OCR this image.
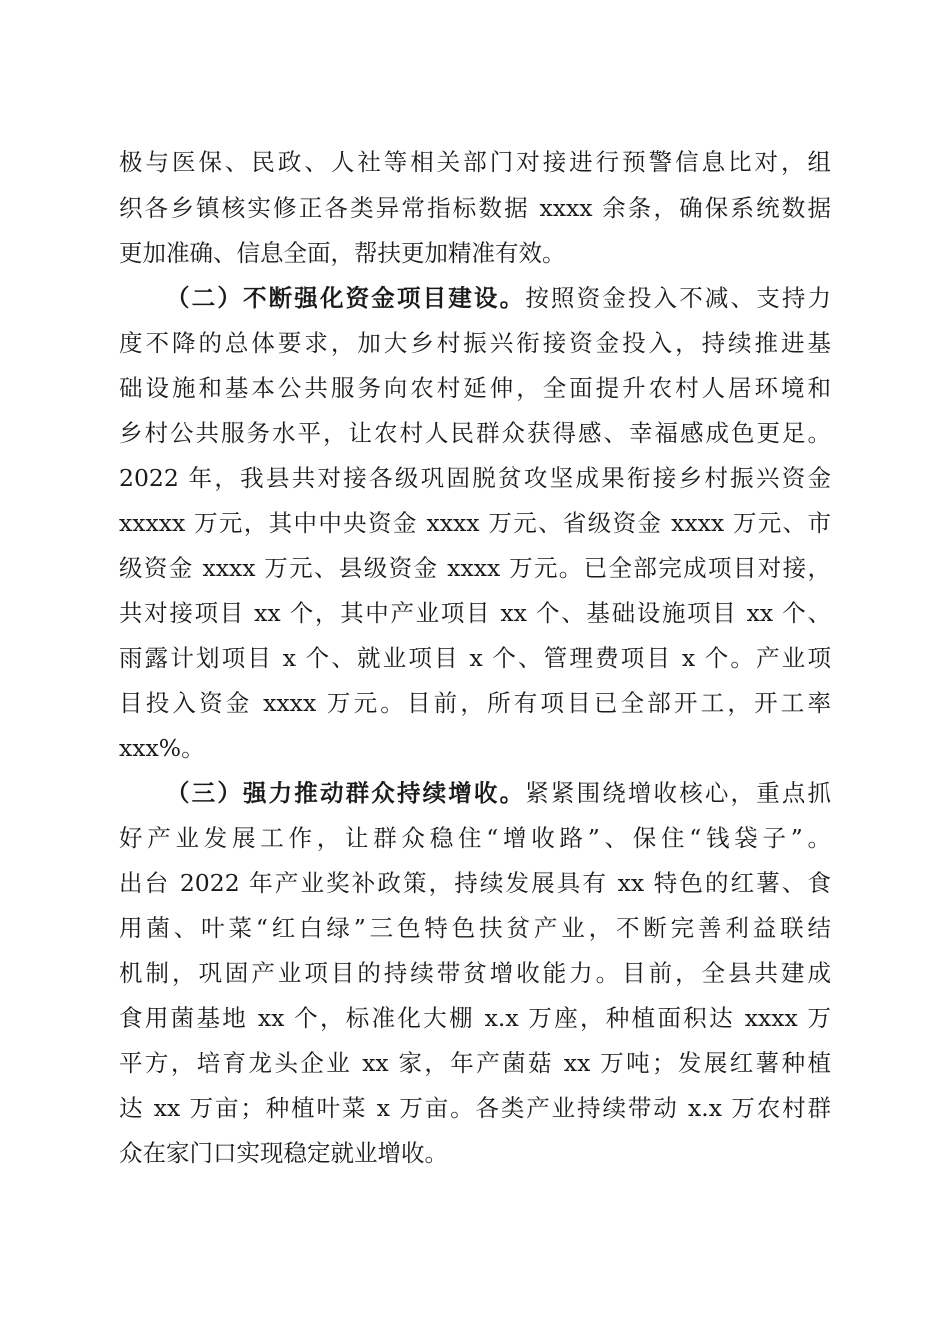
极与医保、民政、人社等相关部门对接进行预警信息比对，组
织各乡镇核实修正各类异常指标数据 xxxx 余条，确保系统数据
更加准确、信息全面，帮扶更加精准有效。
（二）不断强化资金项目建设。按照资金投入不减、支持力
度不降的总体要求，加大乡村振兴衔接资金投入，持续推进基
础设施和基本公共服务向农村延伸，全面提升农村人居环境和
乡村公共服务水平，让农村人民群众获得感、幸福感成色更足。
2022 年，我县共对接各级巩固脱贫攻坚成果衔接乡村振兴资金
xxxxx 万元，其中中央资金 xxxx 万元、省级资金 xxxx 万元、市
级资金 xxxx 万元、县级资金 xxxx 万元。已全部完成项目对接，
共对接项目 xx 个，其中产业项目 xx 个、基础设施项目 xx 个、
雨露计划项目 x 个、就业项目 x 个、管理费项目 x 个。产业项
目投入资金 xxxx 万元。目前，所有项目已全部开工，开工率
xxx%。
（三）强力推动群众持续增收。紧紧围绕增收核心，重点抓
好产业发展工作，让群众稳住“增收路”、保住“钱袋子”。
出台 2022 年产业奖补政策，持续发展具有 xx 特色的红薯、食
用菌、叶菜“红白绿”三色特色扶贫产业，不断完善利益联结
机制，巩固产业项目的持续带贫增收能力。目前，全县共建成
食用菌基地 xx 个，标准化大棚 x.x 万座，种植面积达 xxxx 万
平方，培育龙头企业 xx 家，年产菌菇 xx 万吨；发展红薯种植
达 xx 万亩；种植叶菜 x 万亩。各类产业持续带动 x.x 万农村群
众在家门口实现稳定就业增收。
